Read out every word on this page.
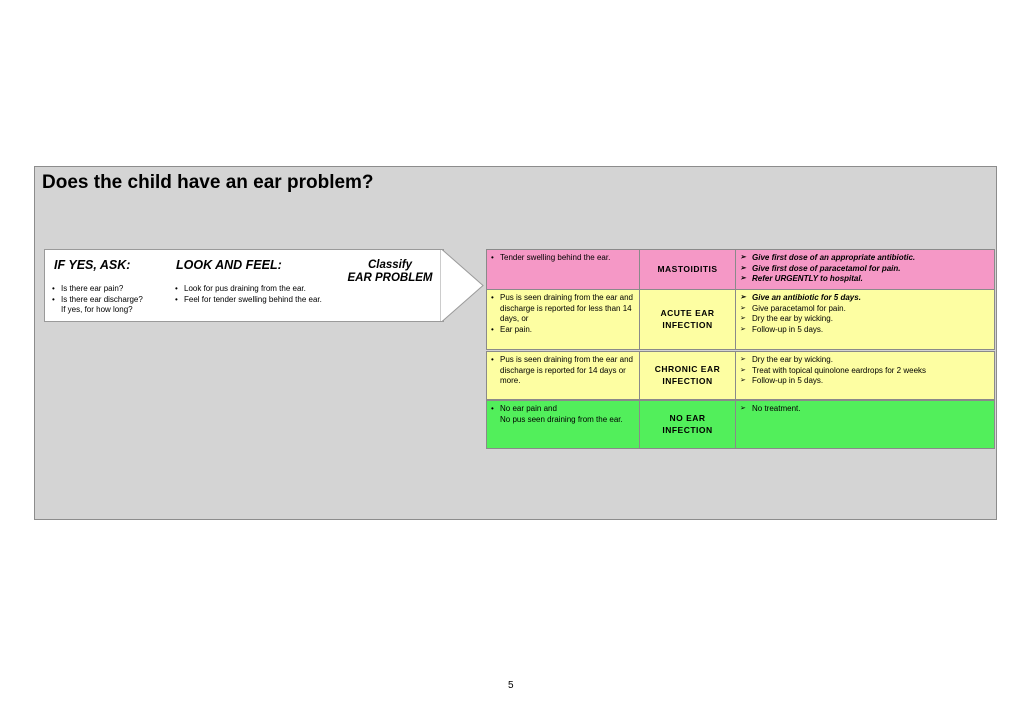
Does the child have an ear problem?
IF YES, ASK:
• Is there ear pain?
• Is there ear discharge?
If yes, for how long?
LOOK AND FEEL:
• Look for pus draining from the ear.
• Feel for tender swelling behind the ear.
Classify
EAR PROBLEM
• Tender swelling behind the ear.
MASTOIDITIS
➢ Give first dose of an appropriate antibiotic.
➢ Give first dose of paracetamol for pain.
➢ Refer URGENTLY to hospital.
• Pus is seen draining from the ear and discharge is reported for less than 14 days, or
• Ear pain.
ACUTE EAR
INFECTION
➢ Give an antibiotic for 5 days.
➢ Give paracetamol for pain.
➢ Dry the ear by wicking.
➢ Follow-up in 5 days.
• Pus is seen draining from the ear and discharge is reported for 14 days or more.
CHRONIC EAR
INFECTION
➢ Dry the ear by wicking.
➢ Treat with topical quinolone eardrops for 2 weeks
➢ Follow-up in 5 days.
• No ear pain and
No pus seen draining from the ear.	NO EAR
INFECTION
➢ No treatment.
5
